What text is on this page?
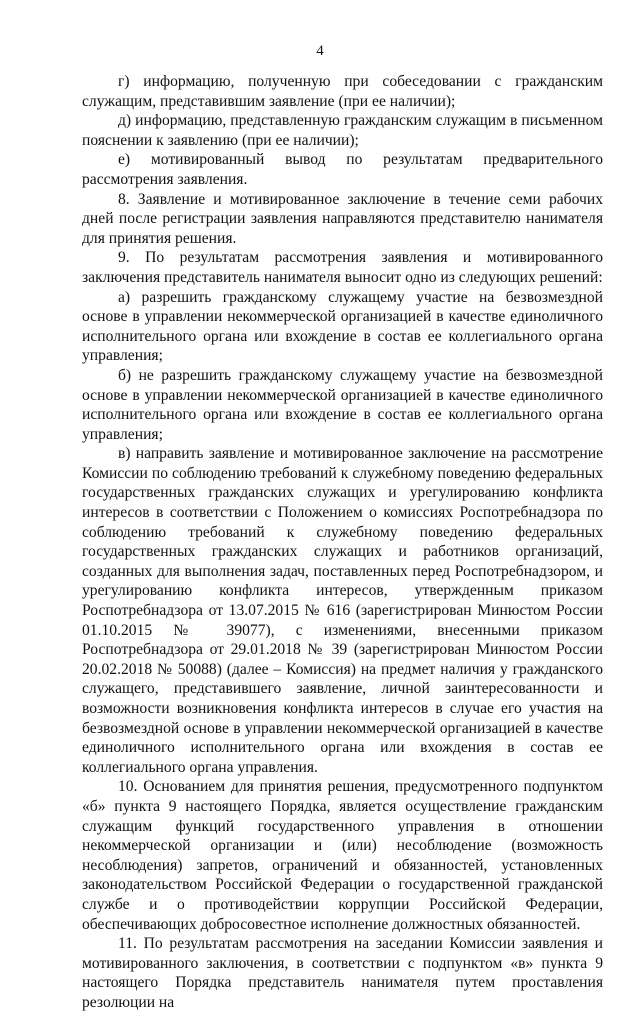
4

г) информацию, полученную при собеседовании с гражданским служащим, представившим заявление (при ее наличии);

д) информацию, представленную гражданским служащим в письменном пояснении к заявлению (при ее наличии);

е) мотивированный вывод по результатам предварительного рассмотрения заявления.

8. Заявление и мотивированное заключение в течение семи рабочих дней после регистрации заявления направляются представителю нанимателя для принятия решения.

9. По результатам рассмотрения заявления и мотивированного заключения представитель нанимателя выносит одно из следующих решений:

а) разрешить гражданскому служащему участие на безвозмездной основе в управлении некоммерческой организацией в качестве единоличного исполнительного органа или вхождение в состав ее коллегиального органа управления;

б) не разрешить гражданскому служащему участие на безвозмездной основе в управлении некоммерческой организацией в качестве единоличного исполнительного органа или вхождение в состав ее коллегиального органа управления;

в) направить заявление и мотивированное заключение на рассмотрение Комиссии по соблюдению требований к служебному поведению федеральных государственных гражданских служащих и урегулированию конфликта интересов в соответствии с Положением о комиссиях Роспотребнадзора по соблюдению требований к служебному поведению федеральных государственных гражданских служащих и работников организаций, созданных для выполнения задач, поставленных перед Роспотребнадзором, и урегулированию конфликта интересов, утвержденным приказом Роспотребнадзора от 13.07.2015 № 616 (зарегистрирован Минюстом России 01.10.2015 № 39077), с изменениями, внесенными приказом Роспотребнадзора от 29.01.2018 № 39 (зарегистрирован Минюстом России 20.02.2018 № 50088) (далее – Комиссия) на предмет наличия у гражданского служащего, представившего заявление, личной заинтересованности и возможности возникновения конфликта интересов в случае его участия на безвозмездной основе в управлении некоммерческой организацией в качестве единоличного исполнительного органа или вхождения в состав ее коллегиального органа управления.

10. Основанием для принятия решения, предусмотренного подпунктом «б» пункта 9 настоящего Порядка, является осуществление гражданским служащим функций государственного управления в отношении некоммерческой организации и (или) несоблюдение (возможность несоблюдения) запретов, ограничений и обязанностей, установленных законодательством Российской Федерации о государственной гражданской службе и о противодействии коррупции Российской Федерации, обеспечивающих добросовестное исполнение должностных обязанностей.

11. По результатам рассмотрения на заседании Комиссии заявления и мотивированного заключения, в соответствии с подпунктом «в» пункта 9 настоящего Порядка представитель нанимателя путем проставления резолюции на
